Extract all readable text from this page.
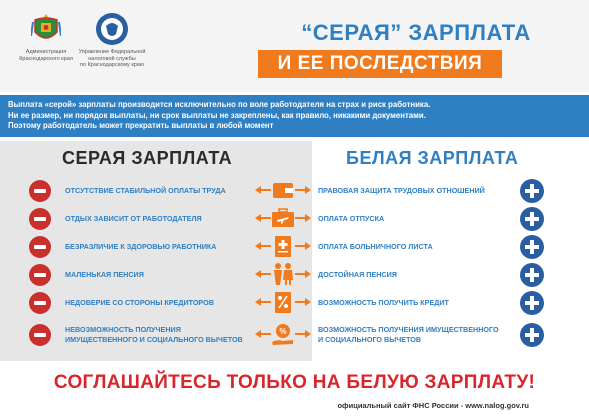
Администрация
Краснодарского края
Управление Федеральной
налоговой службы
по Краснодарскому краю
“СЕРАЯ” ЗАРПЛАТА
И ЕЕ ПОСЛЕДСТВИЯ
Выплата «серой» зарплаты производится исключительно по воле работодателя на страх и риск работника.
Ни ее размер, ни порядок выплаты, ни срок выплаты не закреплены, как правило, никакими документами.
Поэтому работодатель может прекратить выплаты в любой момент
СЕРАЯ ЗАРПЛАТА	БЕЛАЯ ЗАРПЛАТА
ОТСУТСТВИЕ СТАБИЛЬНОЙ ОПЛАТЫ ТРУДА	ПРАВОВАЯ ЗАЩИТА ТРУДОВЫХ ОТНОШЕНИЙ
ОТДЫХ ЗАВИСИТ ОТ РАБОТОДАТЕЛЯ	ОПЛАТА ОТПУСКА
БЕЗРАЗЛИЧИЕ К ЗДОРОВЬЮ РАБОТНИКА	ОПЛАТА БОЛЬНИЧНОГО ЛИСТА
МАЛЕНЬКАЯ ПЕНСИЯ	ДОСТОЙНАЯ ПЕНСИЯ
НЕДОВЕРИЕ СО СТОРОНЫ КРЕДИТОРОВ	ВОЗМОЖНОСТЬ ПОЛУЧИТЬ КРЕДИТ
НЕВОЗМОЖНОСТЬ ПОЛУЧЕНИЯ
ИМУЩЕСТВЕННОГО И СОЦИАЛЬНОГО ВЫЧЕТОВ
%	ВОЗМОЖНОСТЬ ПОЛУЧЕНИЯ ИМУЩЕСТВЕННОГО
И СОЦИАЛЬНОГО ВЫЧЕТОВ
СОГЛАШАЙТЕСЬ ТОЛЬКО НА БЕЛУЮ ЗАРПЛАТУ!
официальный сайт ФНС России - www.nalog.gov.ru
